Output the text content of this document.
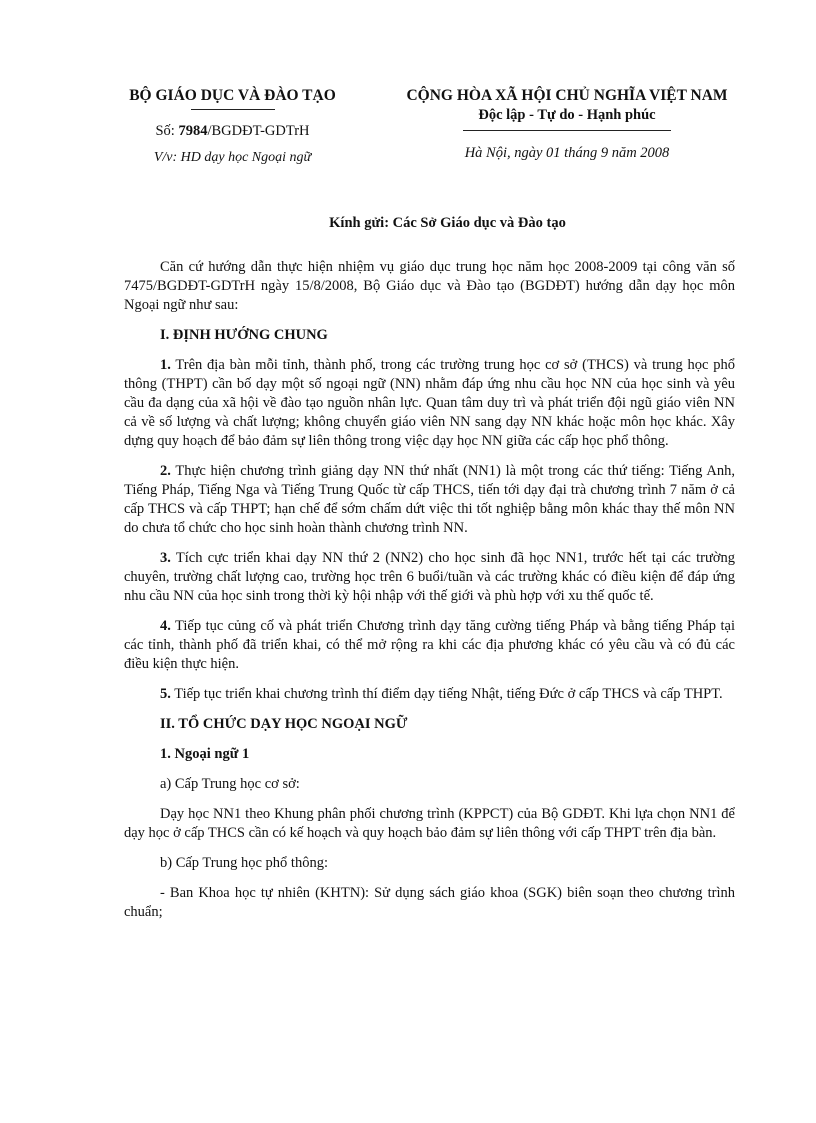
BỘ GIÁO DỤC VÀ ĐÀO TẠO
Số: 7984/BGDĐT-GDTrH
V/v: HD dạy học Ngoại ngữ
CỘNG HÒA XÃ HỘI CHỦ NGHĨA VIỆT NAM
Độc lập - Tự do - Hạnh phúc
Hà Nội, ngày 01 tháng 9 năm 2008
Kính gửi: Các Sở Giáo dục và Đào tạo

Căn cứ hướng dẫn thực hiện nhiệm vụ giáo dục trung học năm học 2008-2009 tại công văn số 7475/BGDĐT-GDTrH ngày 15/8/2008, Bộ Giáo dục và Đào tạo (BGDĐT) hướng dẫn dạy học môn Ngoại ngữ như sau:

I. ĐỊNH HƯỚNG CHUNG

1. Trên địa bàn mỗi tỉnh, thành phố, trong các trường trung học cơ sở (THCS) và trung học phổ thông (THPT) cần bố dạy một số ngoại ngữ (NN) nhằm đáp ứng nhu cầu học NN của học sinh và yêu cầu đa dạng của xã hội về đào tạo nguồn nhân lực. Quan tâm duy trì và phát triển đội ngũ giáo viên NN cả về số lượng và chất lượng; không chuyển giáo viên NN sang dạy NN khác hoặc môn học khác. Xây dựng quy hoạch để bảo đảm sự liên thông trong việc dạy học NN giữa các cấp học phổ thông.

2. Thực hiện chương trình giảng dạy NN thứ nhất (NN1) là một trong các thứ tiếng: Tiếng Anh, Tiếng Pháp, Tiếng Nga và Tiếng Trung Quốc từ cấp THCS, tiến tới dạy đại trà chương trình 7 năm ở cả cấp THCS và cấp THPT; hạn chế để sớm chấm dứt việc thi tốt nghiệp bằng môn khác thay thế môn NN do chưa tổ chức cho học sinh hoàn thành chương trình NN.

3. Tích cực triển khai dạy NN thứ 2 (NN2) cho học sinh đã học NN1, trước hết tại các trường chuyên, trường chất lượng cao, trường học trên 6 buổi/tuần và các trường khác có điều kiện để đáp ứng nhu cầu NN của học sinh trong thời kỳ hội nhập với thế giới và phù hợp với xu thế quốc tế.

4. Tiếp tục củng cố và phát triển Chương trình dạy tăng cường tiếng Pháp và bằng tiếng Pháp tại các tỉnh, thành phố đã triển khai, có thể mở rộng ra khi các địa phương khác có yêu cầu và có đủ các điều kiện thực hiện.

5. Tiếp tục triển khai chương trình thí điểm dạy tiếng Nhật, tiếng Đức ở cấp THCS và cấp THPT.

II. TỔ CHỨC DẠY HỌC NGOẠI NGỮ
1. Ngoại ngữ 1

a) Cấp Trung học cơ sở:

Dạy học NN1 theo Khung phân phối chương trình (KPPCT) của Bộ GDĐT. Khi lựa chọn NN1 để dạy học ở cấp THCS cần có kế hoạch và quy hoạch bảo đảm sự liên thông với cấp THPT trên địa bàn.

b) Cấp Trung học phổ thông:

- Ban Khoa học tự nhiên (KHTN): Sử dụng sách giáo khoa (SGK) biên soạn theo chương trình chuẩn;
